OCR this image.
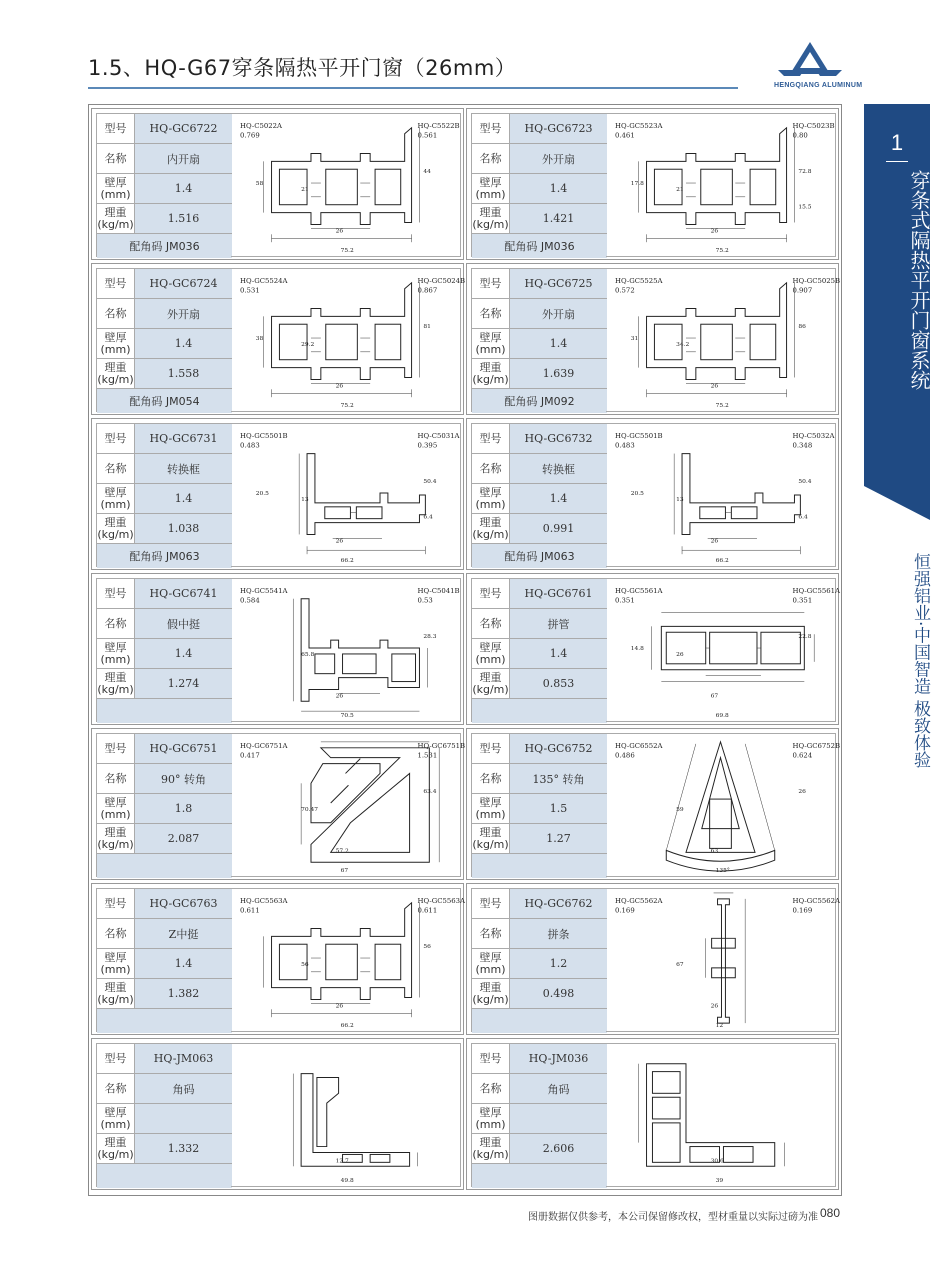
1.5、HQ-G67穿条隔热平开门窗（26mm）
HENGQIANG ALUMINUM
1
穿条式隔热平开门窗系统
恒强铝业·中国智造 极致体验
型号	HQ-GC6722
名称	内开扇
壁厚(mm)	1.4
理重(kg/m)	1.516
配角码 JM036
HQ-C5022A
0.769
HQ-C5522B
0.561
75.2
26
21
44
58
型号	HQ-GC6723
名称	外开扇
壁厚(mm)	1.4
理重(kg/m)	1.421
配角码 JM036
HQ-GC5523A
0.461
HQ-C5023B
0.80
75.2
26
21
72.8
17.8
15.5
型号	HQ-GC6724
名称	外开扇
壁厚(mm)	1.4
理重(kg/m)	1.558
配角码 JM054
HQ-GC5524A
0.531
HQ-GC5024B
0.867
75.2
26
29.2
81
38
型号	HQ-GC6725
名称	外开扇
壁厚(mm)	1.4
理重(kg/m)	1.639
配角码 JM092
HQ-GC5525A
0.572
HQ-GC5025B
0.907
75.2
26
34.2
86
31
型号	HQ-GC6731
名称	转换框
壁厚(mm)	1.4
理重(kg/m)	1.038
配角码 JM063
HQ-GC5501B
0.483
HQ-C5031A
0.395
66.2
26
13
50.4
20.5
6.4
型号	HQ-GC6732
名称	转换框
壁厚(mm)	1.4
理重(kg/m)	0.991
配角码 JM063
HQ-GC5501B
0.483
HQ-C5032A
0.348
66.2
26
13
50.4
20.5
6.4
型号	HQ-GC6741
名称	假中挺
壁厚(mm)	1.4
理重(kg/m)	1.274
HQ-GC5541A
0.584
HQ-C5041B
0.53
70.5
26
65.8
28.3
型号	HQ-GC6761
名称	拼管
壁厚(mm)	1.4
理重(kg/m)	0.853
HQ-GC5561A
0.351
HQ-GC5561A
0.351
69.8
67
26
22.8
14.8
型号	HQ-GC6751
名称	90° 转角
壁厚(mm)	1.8
理重(kg/m)	2.087
HQ-GC6751A
0.417
HQ-GC6751B
1.531
67
57.2
70.47
63.4
型号	HQ-GC6752
名称	135° 转角
壁厚(mm)	1.5
理重(kg/m)	1.27
HQ-GC6552A
0.486
HQ-GC6752B
0.624
135°
63
59
26
型号	HQ-GC6763
名称	Z中挺
壁厚(mm)	1.4
理重(kg/m)	1.382
HQ-GC5563A
0.611
HQ-GC5563A
0.611
66.2
26
56
56
型号	HQ-GC6762
名称	拼条
壁厚(mm)	1.2
理重(kg/m)	0.498
HQ-GC5562A
0.169
HQ-GC5562A
0.169
12
26
67
型号	HQ-JM063
名称	角码
壁厚(mm)
理重(kg/m)	1.332
49.8
12.7
型号	HQ-JM036
名称	角码
壁厚(mm)
理重(kg/m)	2.606
39
30.6
图册数据仅供参考，本公司保留修改权，型材重量以实际过磅为准 080
